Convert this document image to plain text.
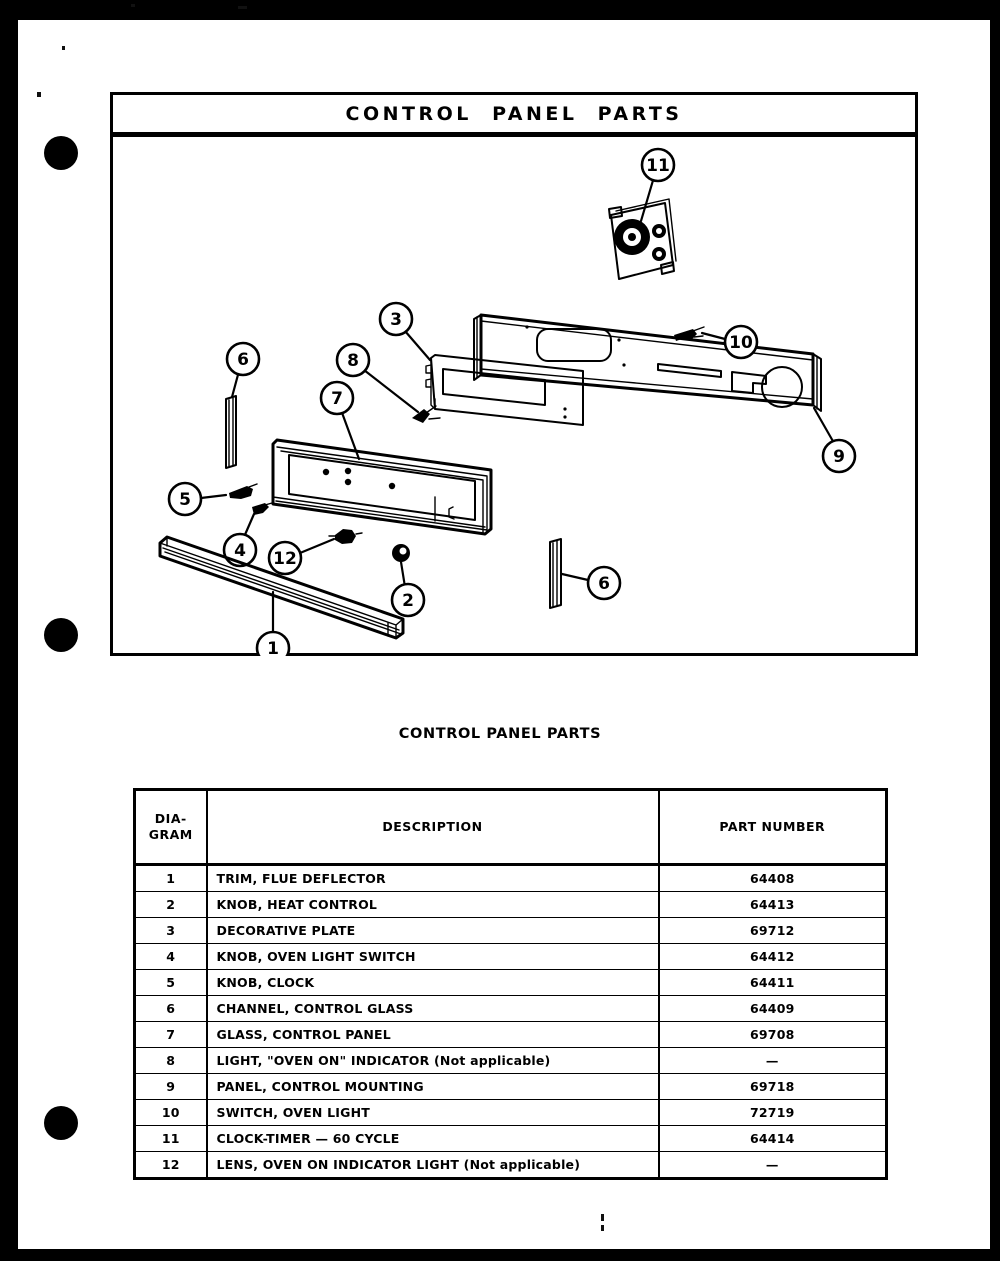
CONTROL  PANEL  PARTS
11
9
10
3
8
7
6
6
5
4 12
2
1
CONTROL PANEL PARTS
DIA-
GRAM	DESCRIPTION	PART NUMBER
1	TRIM, FLUE DEFLECTOR	64408
2	KNOB, HEAT CONTROL	64413
3	DECORATIVE PLATE	69712
4	KNOB, OVEN LIGHT SWITCH	64412
5	KNOB, CLOCK	64411
6	CHANNEL, CONTROL GLASS	64409
7	GLASS, CONTROL PANEL	69708
8	LIGHT, "OVEN ON" INDICATOR (Not applicable)	—
9	PANEL, CONTROL MOUNTING	69718
10	SWITCH, OVEN LIGHT	72719
11	CLOCK-TIMER — 60 CYCLE	64414
12	LENS, OVEN ON INDICATOR LIGHT (Not applicable)	—
